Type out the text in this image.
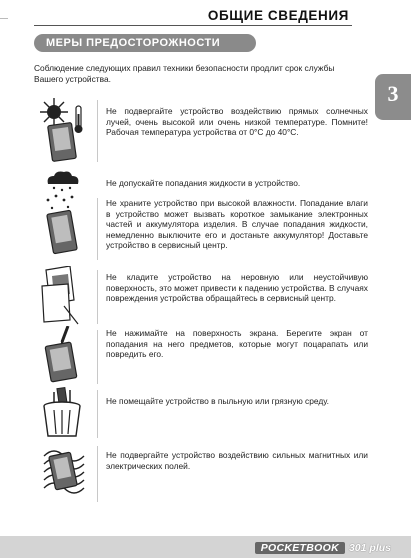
ОБЩИЕ СВЕДЕНИЯ
МЕРЫ ПРЕДОСТОРОЖНОСТИ
3

Соблюдение следующих правил техники безопасности продлит срок службы Вашего устройства.

Не подвергайте устройство воздействию прямых солнечных лучей, очень высокой или очень низкой температуре. Помните! Рабочая температура устройства от 0°С до 40°С.
Не допускайте попадания жидкости в устройство.
Не храните устройство при высокой влажности. Попадание влаги в устройство может вызвать короткое замыкание электронных частей и аккумулятора изделия. В случае попадания жидкости, немедленно выключите его и достаньте аккумулятор! Доставьте устройство в сервисный центр.
Не кладите устройство на неровную или неустойчивую поверхность, это может привести к падению устройства. В случаях повреждения устройства обращайтесь в сервисный центр.
Не нажимайте на поверхность экрана. Берегите экран от попадания на него предметов, которые могут поцарапать или повредить его.
Не помещайте устройство в пыльную или грязную среду.
Не подвергайте устройство воздействию сильных магнитных или электрических полей.
POCKETBOOK 301 plus
